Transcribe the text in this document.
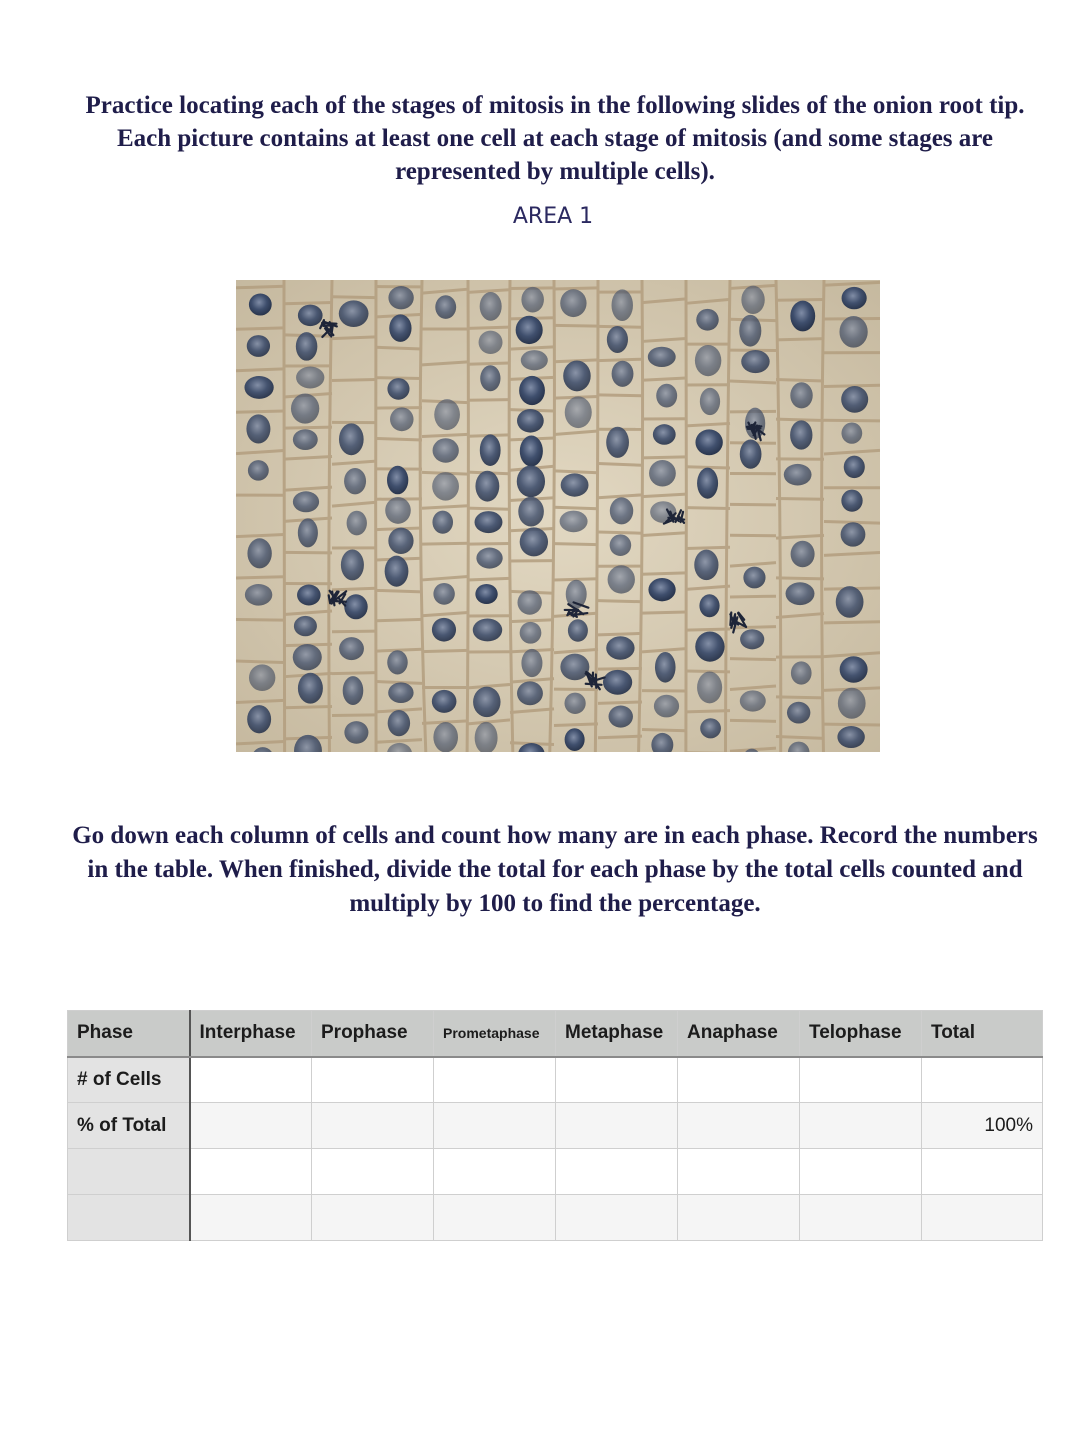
Practice locating each of the stages of mitosis in the following slides of the onion root tip. Each picture contains at least one cell at each stage of mitosis (and some stages are represented by multiple cells).

AREA 1

Go down each column of cells and count how many are in each phase. Record the numbers in the table. When finished, divide the total for each phase by the total cells counted and multiply by 100 to find the percentage.

Phase	Interphase	Prophase	Prometaphase	Metaphase	Anaphase	Telophase	Total
# of Cells							
% of Total							100%
